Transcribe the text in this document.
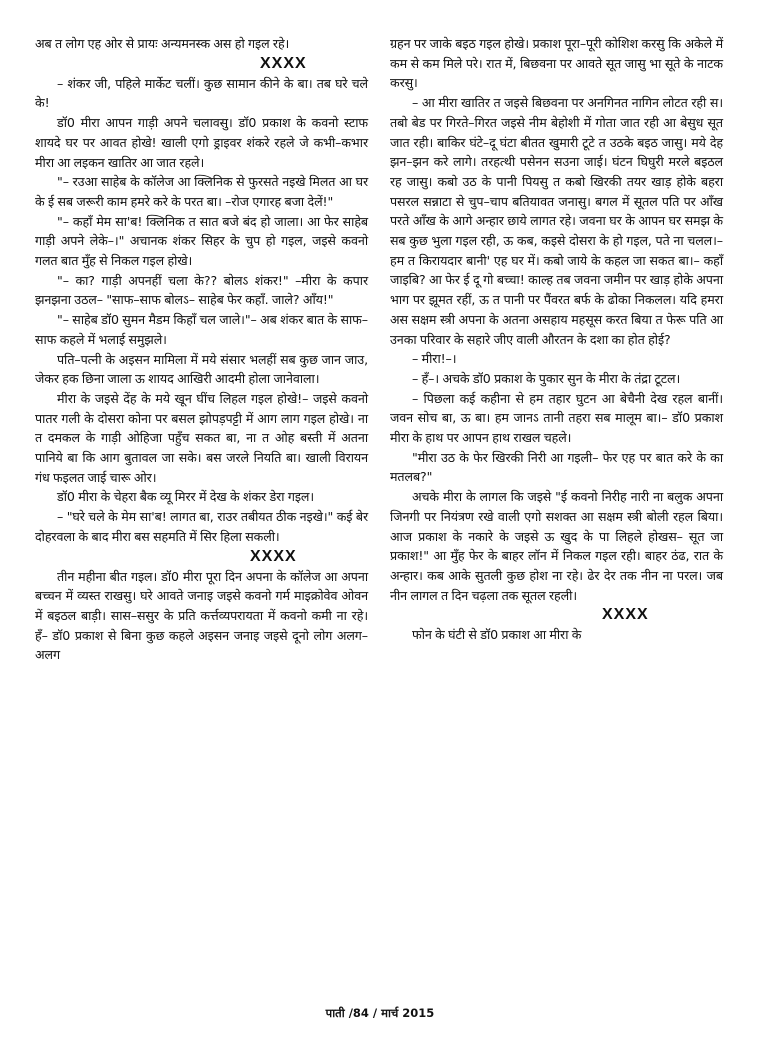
अब त लोग एह ओर से प्रायः अन्यमनस्क अस हो गइल रहे।

XXXX

– शंकर जी, पहिले मार्केट चलीं। कुछ सामान कीने के बा। तब घरे चले के!

डॉ0 मीरा आपन गाड़ी अपने चलावसु। डॉ0 प्रकाश के कवनो स्टाफ शायदे घर पर आवत होखे! खाली एगो ड्राइवर शंकरे रहले जे कभी–कभार मीरा आ लइकन खातिर आ जात रहले।

"– रउआ साहेब के कॉलेज आ क्लिनिक से फुरसते नइखे मिलत आ घर के ई सब जरूरी काम हमरे करे के परत बा। –रोज एगारह बजा देलें!"

"– कहाँ मेम सा'ब! क्लिनिक त सात बजे बंद हो जाला। आ फेर साहेब गाड़ी अपने लेके–।" अचानक शंकर सिहर के चुप हो गइल, जइसे कवनो गलत बात मुँह से निकल गइल होखे।

"– का? गाड़ी अपनहीं चला के?? बोलऽ शंकर!" –मीरा के कपार झनझना उठल– "साफ–साफ बोलऽ– साहेब फेर कहाँ. जाले? आँय!"

"– साहेब डॉ0 सुमन मैडम किहाँ चल जाले।"– अब शंकर बात के साफ–साफ कहले में भलाई समुझले।

पति–पत्नी के अइसन मामिला में मये संसार भलहीं सब कुछ जान जाउ, जेकर हक छिना जाला ऊ शायद आखिरी आदमी होला जानेवाला।

मीरा के जइसे देंह के मये खून घींच लिहल गइल होखे!– जइसे कवनो पातर गली के दोसरा कोना पर बसल झोपड़पट्टी में आग लाग गइल होखे। ना त दमकल के गाड़ी ओहिजा पहुँच सकत बा, ना त ओह बस्ती में अतना पानिये बा कि आग बुतावल जा सके। बस जरले नियति बा। खाली विरायन गंध फइलत जाई चारू ओर।

डॉ0 मीरा के चेहरा बैक व्यू मिरर में देख के शंकर डेरा गइल।

– "घरे चले के मेम सा'ब! लागत बा, राउर तबीयत ठीक नइखे।" कई बेर दोहरवला के बाद मीरा बस सहमति में सिर हिला सकली।

XXXX

तीन महीना बीत गइल। डॉ0 मीरा पूरा दिन अपना के कॉलेज आ अपना बच्चन में व्यस्त राखसु। घरे आवते जनाइ जइसे कवनो गर्म माइक्रोवेव ओवन में बइठल बाड़ी। सास–ससुर के प्रति कर्त्तव्यपरायता में कवनो कमी ना रहे। हँ– डॉ0 प्रकाश से बिना कुछ कहले अइसन जनाइ जइसे दूनो लोग अलग–अलग

ग्रहन पर जाके बइठ गइल होखे। प्रकाश पूरा–पूरी कोशिश करसु कि अकेले में कम से कम मिले परे। रात में, बिछवना पर आवते सूत जासु भा सूते के नाटक करसु।

– आ मीरा खातिर त जइसे बिछवना पर अनगिनत नागिन लोटत रही स। तबो बेड पर गिरते–गिरत जइसे नीम बेहोशी में गोता जात रही आ बेसुध सूत जात रही। बाकिर घंटे–दू घंटा बीतत खुमारी टूटे त उठके बइठ जासु। मये देह झन–झन करे लागे। तरहत्थी पसेनन सउना जाई। घंटन घिघुरी मरले बइठल रह जासु। कबो उठ के पानी पियसु त कबो खिरकी तयर खाड़ होके बहरा पसरल सन्नाटा से चुप–चाप बतियावत जनासु। बगल में सूतल पति पर आँख परते आँख के आगे अन्हार छाये लागत रहे। जवना घर के आपन घर समझ के सब कुछ भुला गइल रही, ऊ कब, कइसे दोसरा के हो गइल, पते ना चलल।– हम त किरायदार बानी' एह घर में। कबो जाये के कहल जा सकत बा।– कहाँ जाइबि? आ फेर ई दू गो बच्चा! काल्ह तब जवना जमीन पर खाड़ होके अपना भाग पर झूमत रहीं, ऊ त पानी पर पैंवरत बर्फ के ढोका निकलल। यदि हमरा अस सक्षम स्त्री अपना के अतना असहाय महसूस करत बिया त फेरू पति आ उनका परिवार के सहारे जीए वाली औरतन के दशा का होत होई?

– मीरा!–।

– हँ–। अचके डॉ0 प्रकाश के पुकार सुन के मीरा के तंद्रा टूटल।

– पिछला कई कहीना से हम तहार घुटन आ बेचैनी देख रहल बानीं। जवन सोच बा, ऊ बा। हम जानऽ तानी तहरा सब मालूम बा।– डॉ0 प्रकाश मीरा के हाथ पर आपन हाथ राखल चहले।

"मीरा उठ के फेर खिरकी निरी आ गइली– फेर एह पर बात करे के का मतलब?"

अचके मीरा के लागल कि जइसे "ई कवनो निरीह नारी ना बलुक अपना जिनगी पर नियंत्रण रखे वाली एगो सशक्त आ सक्षम स्त्री बोली रहल बिया। आज प्रकाश के नकारे के जइसे ऊ खुद के पा लिहले होखस– सूत जा प्रकाश!" आ मुँह फेर के बाहर लॉन में निकल गइल रही। बाहर ठंढ, रात के अन्हार। कब आके सुतली कुछ होश ना रहे। ढेर देर तक नीन ना परल। जब नीन लागल त दिन चढ़ला तक सूतल रहली।

XXXX

फोन के घंटी से डॉ0 प्रकाश आ मीरा के

पाती /84 / मार्च 2015
